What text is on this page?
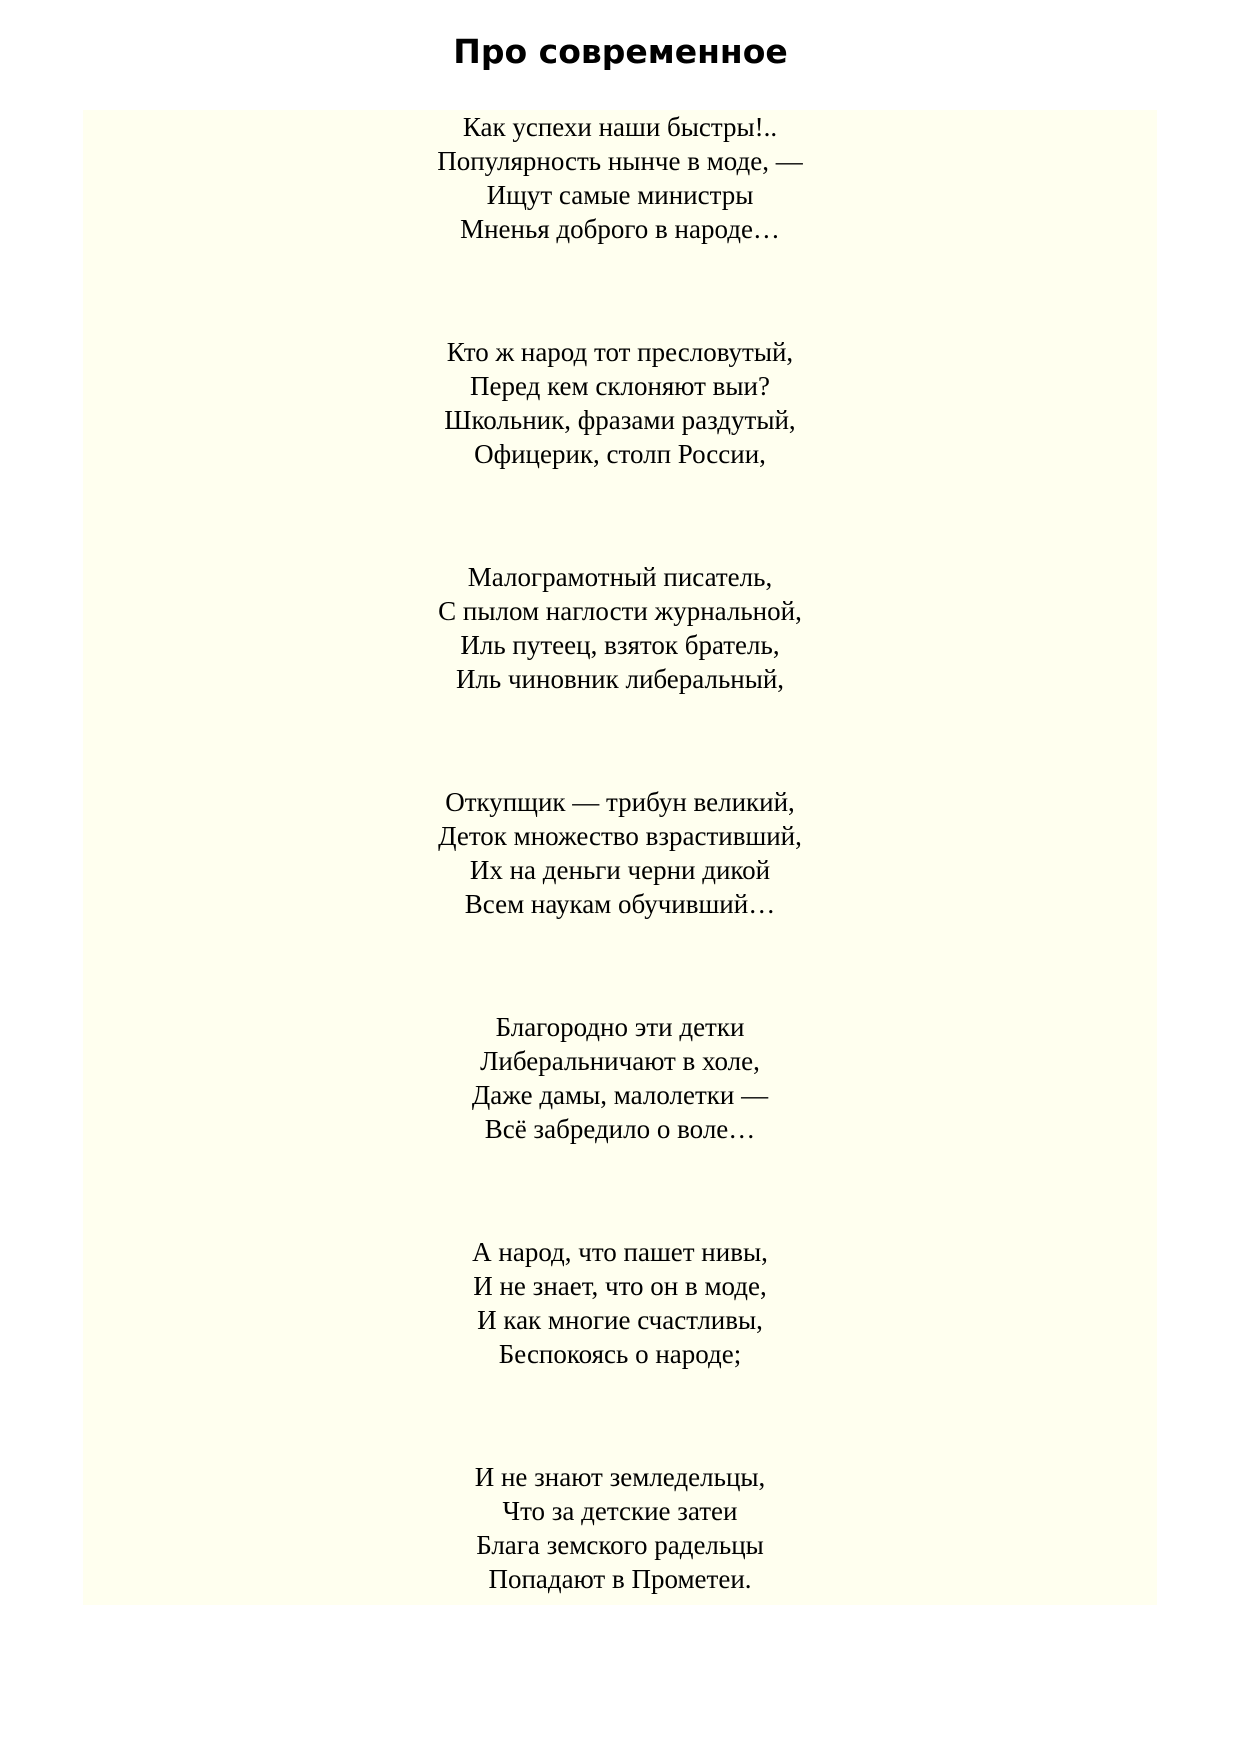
Про современное
Как успехи наши быстры!..
Популярность нынче в моде, —
Ищут самые министры
Мненья доброго в народе…
Кто ж народ тот пресловутый,
Перед кем склоняют выи?
Школьник, фразами раздутый,
Офицерик, столп России,
Малограмотный писатель,
С пылом наглости журнальной,
Иль путеец, взяток братель,
Иль чиновник либеральный,
Откупщик — трибун великий,
Деток множество взрастивший,
Их на деньги черни дикой
Всем наукам обучивший…
Благородно эти детки
Либеральничают в холе,
Даже дамы, малолетки —
Всё забредило о воле…
А народ, что пашет нивы,
И не знает, что он в моде,
И как многие счастливы,
Беспокоясь о народе;
И не знают земледельцы,
Что за детские затеи
Блага земского радельцы
Попадают в Прометеи.
